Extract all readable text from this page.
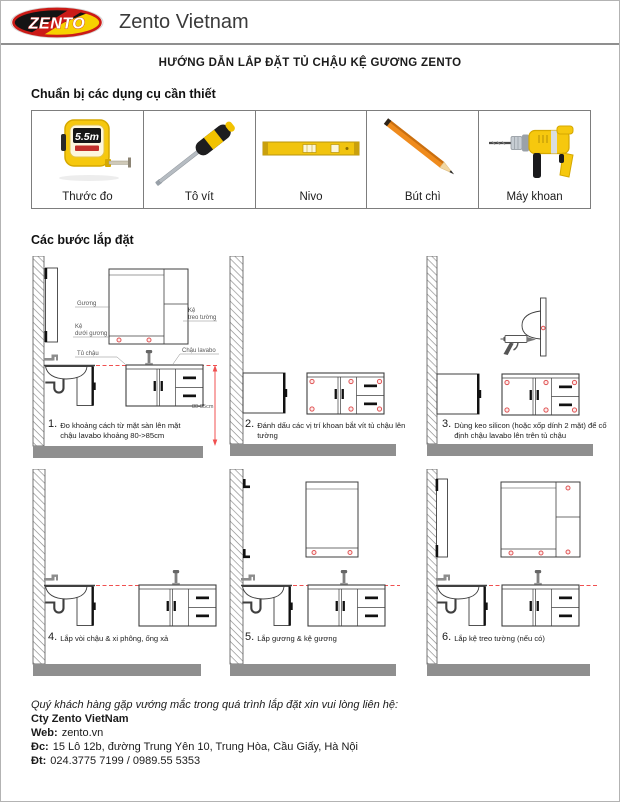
ZENTO Zento Vietnam
HƯỚNG DẪN LẮP ĐẶT TỦ CHẬU KỆ GƯƠNG ZENTO
Chuẩn bị các dụng cụ cần thiết
5.5m
Thước đo	Tô vít	Nivo	Bút chì	Máy khoan
Các bước lắp đặt
Gương
Kệ
treo tường
Kệ
dưới gương
Tủ chậu	Chậu lavabo
80-85cm
1. Đo khoảng cách từ mặt sàn lên mặt chậu lavabo khoảng 80->85cm
2. Đánh dấu các vị trí khoan bắt vít tủ chậu lên tường
3. Dùng keo silicon (hoặc xốp dính 2 mặt) để cố định chậu lavabo lên trên tủ chậu
4. Lắp vòi chậu & xi phông, ống xả	5. Lắp gương & kệ gương	6. Lắp kệ treo tường (nếu có)
Quý khách hàng gặp vướng mắc trong quá trình lắp đặt xin vui lòng liên hệ:
Cty Zento VietNam
Web: zento.vn
Đc: 15 Lô 12b, đường Trung Yên 10, Trung Hòa, Cầu Giấy, Hà Nội
Đt: 024.3775 7199 / 0989.55 5353
